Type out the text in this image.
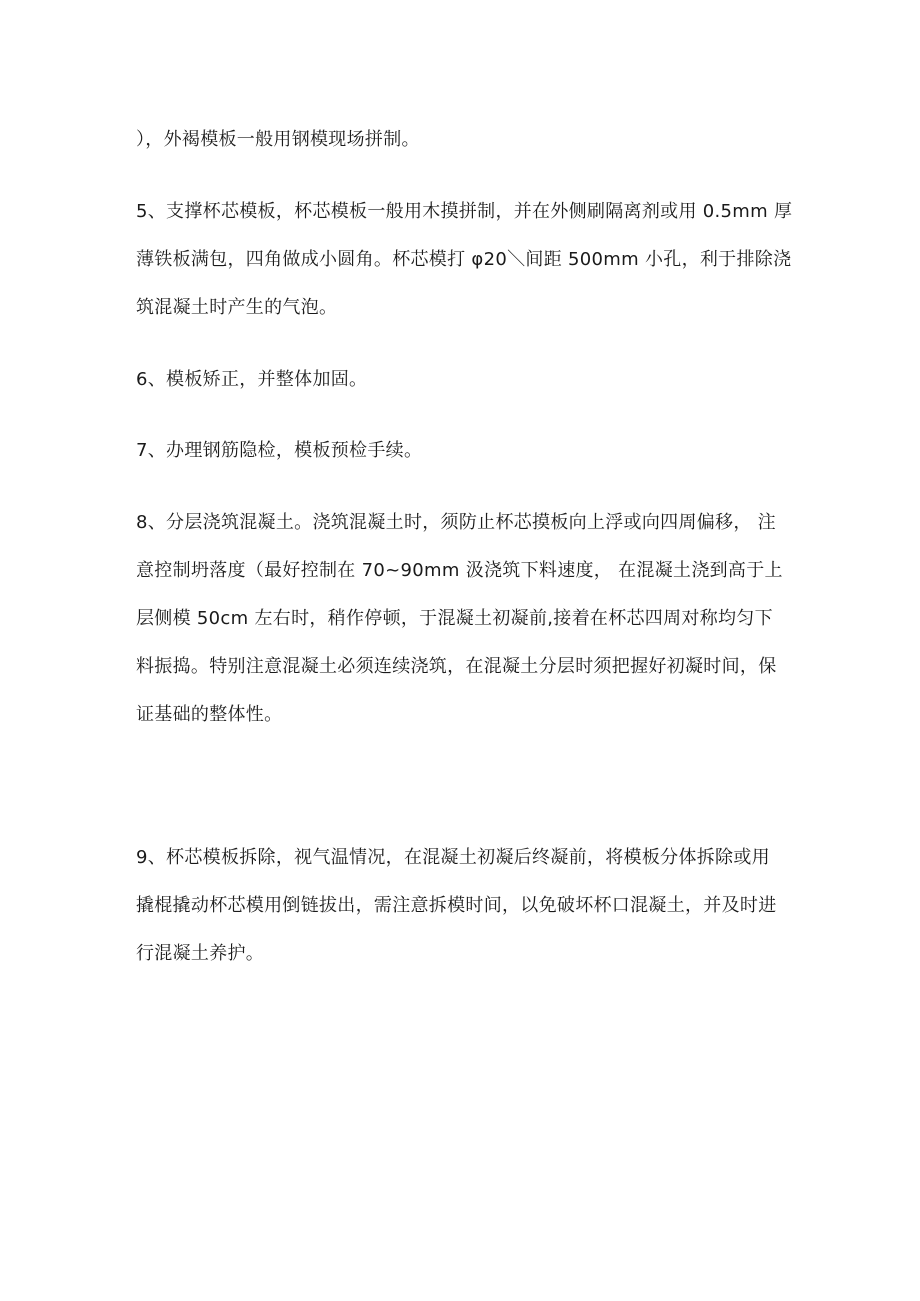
），外褐模板一般用钢模现场拼制。
5、支撑杯芯模板，杯芯模板一般用木摸拼制，并在外侧刷隔离剂或用 0.5mm 厚
薄铁板满包，四角做成小圆角。杯芯模打 φ20＼间距 500mm 小孔，利于排除浇
筑混凝土时产生的气泡。
6、模板矫正，并整体加固。
7、办理钢筋隐检，模板预检手续。
8、分层浇筑混凝土。浇筑混凝土时，须防止杯芯摸板向上浮或向四周偏移， 注
意控制坍落度（最好控制在 70~90mm 汲浇筑下料速度， 在混凝土浇到高于上
层侧模 50cm 左右时，稍作停顿，于混凝土初凝前,接着在杯芯四周对称均匀下
料振捣。特别注意混凝土必须连续浇筑，在混凝土分层时须把握好初凝时间，保
证基础的整体性。
9、杯芯模板拆除，视气温情况，在混凝土初凝后终凝前，将模板分体拆除或用
撬棍撬动杯芯模用倒链拔出，需注意拆模时间，以免破坏杯口混凝土，并及时进
行混凝土养护。
